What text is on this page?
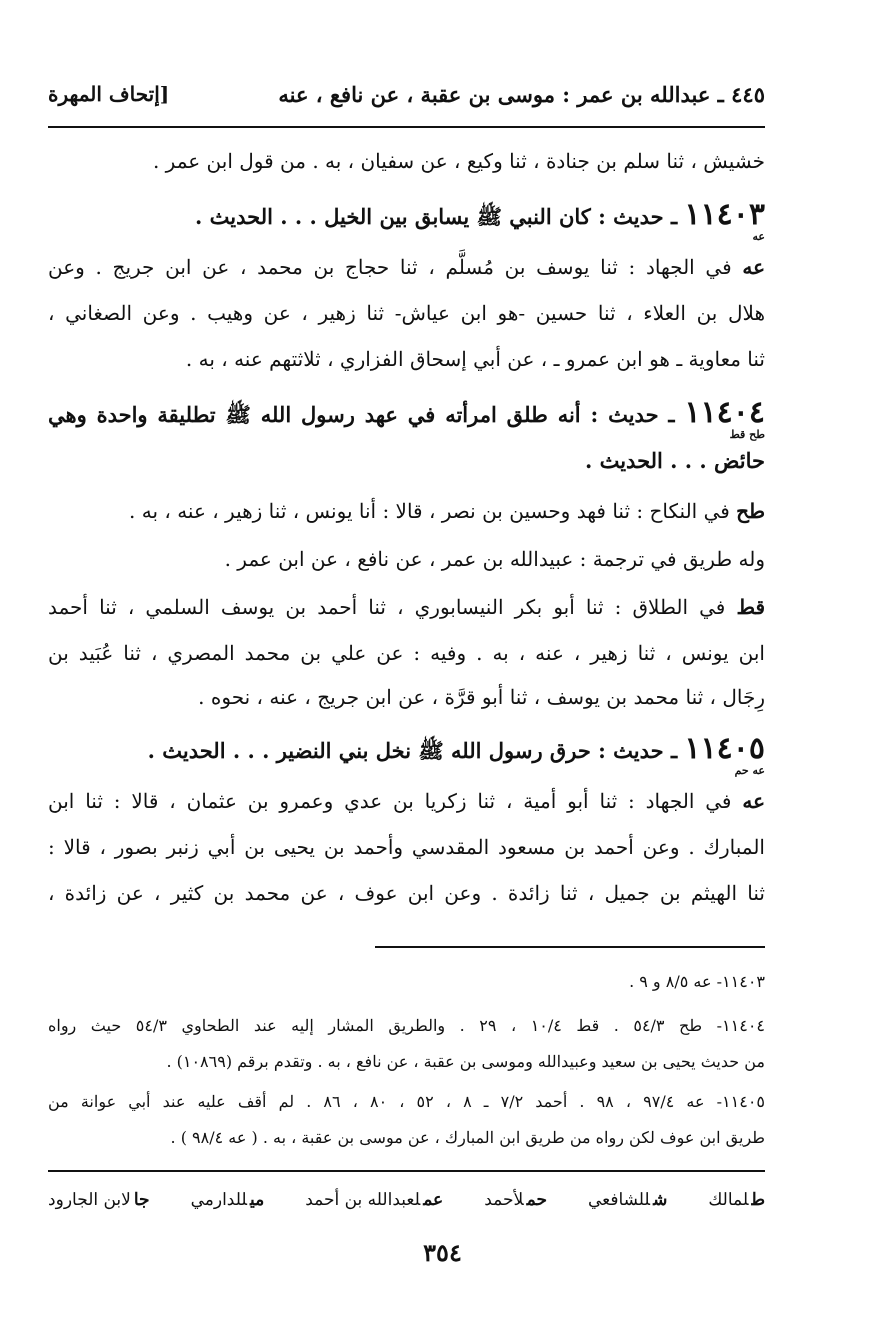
٤٤٥ ـ عبدالله بن عمر : موسى بن عقبة ، عن نافع ، عنه
[إتحاف المهرة
خشيش ، ثنا سلم بن جنادة ، ثنا وكيع ، عن سفيان ، به . من قول ابن عمر .
١١٤٠٣ ـ حديث : كان النبي ﷺ يسابق بين الخيل . . . الحديث .
عه
عه في الجهاد : ثنا يوسف بن مُسلَّم ، ثنا حجاج بن محمد ، عن ابن جريج . وعن
هلال بن العلاء ، ثنا حسين -هو ابن عياش- ثنا زهير ، عن وهيب . وعن الصغاني ،
ثنا معاوية ـ هو ابن عمرو ـ ، عن أبي إسحاق الفزاري ، ثلاثتهم عنه ، به .
١١٤٠٤ ـ حديث : أنه طلق امرأته في عهد رسول الله ﷺ تطليقة واحدة وهي
طح قط
حائض . . . الحديث .
طح في النكاح : ثنا فهد وحسين بن نصر ، قالا : أنا يونس ، ثنا زهير ، عنه ، به .
وله طريق في ترجمة : عبيدالله بن عمر ، عن نافع ، عن ابن عمر .
قط في الطلاق : ثنا أبو بكر النيسابوري ، ثنا أحمد بن يوسف السلمي ، ثنا أحمد
ابن يونس ، ثنا زهير ، عنه ، به . وفيه : عن علي بن محمد المصري ، ثنا عُبَيد بن
رِجَال ، ثنا محمد بن يوسف ، ثنا أبو قرَّة ، عن ابن جريج ، عنه ، نحوه .
١١٤٠٥ ـ حديث : حرق رسول الله ﷺ نخل بني النضير . . . الحديث .
عه حم
عه في الجهاد : ثنا أبو أمية ، ثنا زكريا بن عدي وعمرو بن عثمان ، قالا : ثنا ابن
المبارك . وعن أحمد بن مسعود المقدسي وأحمد بن يحيى بن أبي زنبر بصور ، قالا :
ثنا الهيثم بن جميل ، ثنا زائدة . وعن ابن عوف ، عن محمد بن كثير ، عن زائدة ،
١١٤٠٣- عه ٨/٥ و ٩ .
١١٤٠٤- طح ٥٤/٣ . قط ١٠/٤ ، ٢٩ . والطريق المشار إليه عند الطحاوي ٥٤/٣ حيث رواه
من حديث يحيى بن سعيد وعبيدالله وموسى بن عقبة ، عن نافع ، به . وتقدم برقم (١٠٨٦٩) .
١١٤٠٥- عه ٩٧/٤ ، ٩٨ . أحمد ٧/٢ ـ ٨ ، ٥٢ ، ٨٠ ، ٨٦ . لم أقف عليه عند أبي عوانة من
طريق ابن عوف لكن رواه من طريق ابن المبارك ، عن موسى بن عقبة ، به . ( عه ٩٨/٤ ) .
طلمالك
شللشافعي
حملأحمد
عملعبدالله بن أحمد
ميللدارمي
جالابن الجارود
٣٥٤
